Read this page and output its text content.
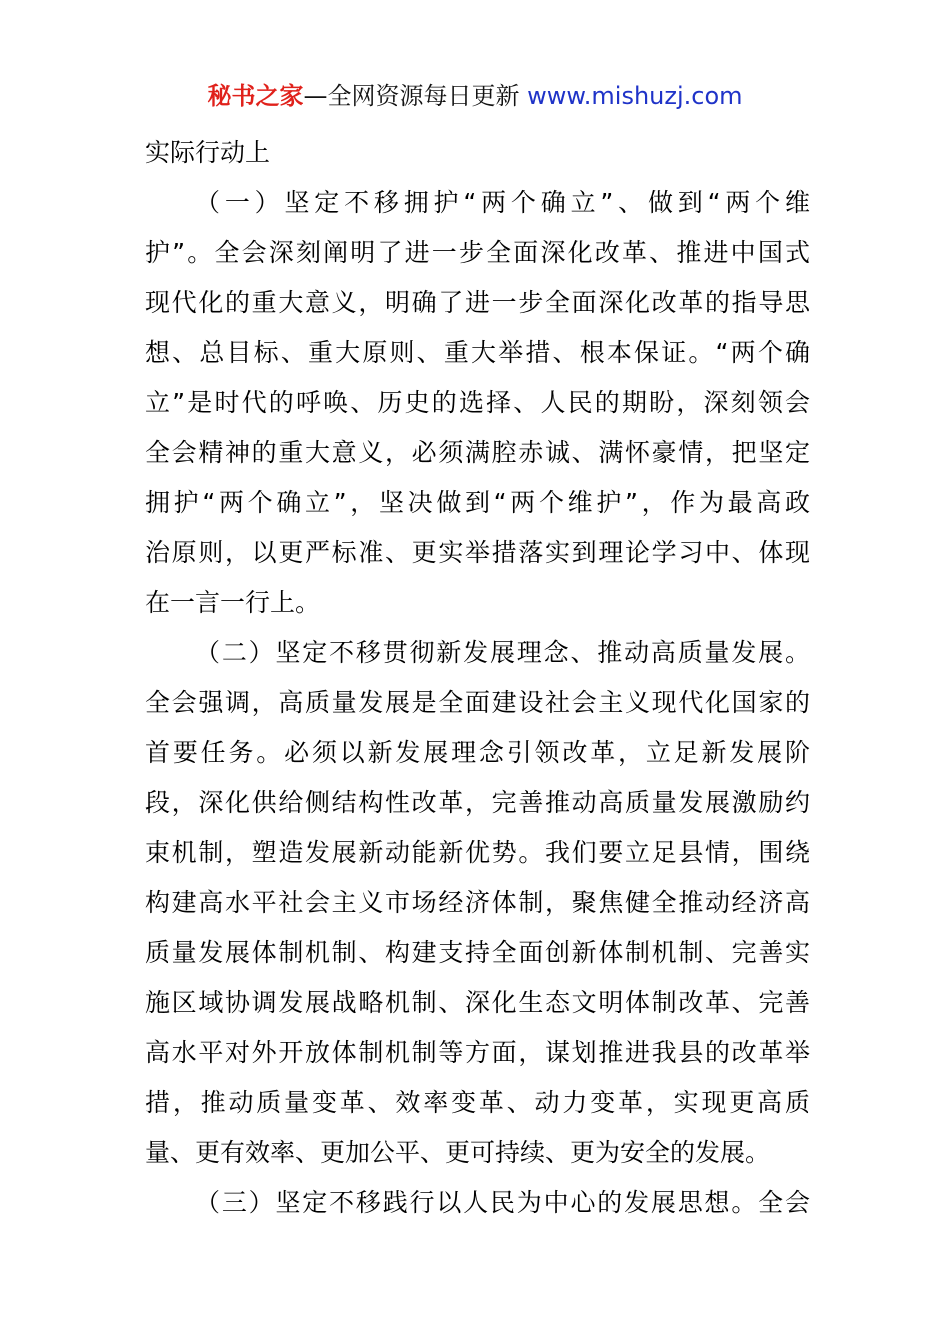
秘书之家—全网资源每日更新 www.mishuzj.com
实际行动上
（一）坚定不移拥护“两个确立”、做到“两个维
护”。全会深刻阐明了进一步全面深化改革、推进中国式
现代化的重大意义，明确了进一步全面深化改革的指导思
想、总目标、重大原则、重大举措、根本保证。“两个确
立”是时代的呼唤、历史的选择、人民的期盼，深刻领会
全会精神的重大意义，必须满腔赤诚、满怀豪情，把坚定
拥护“两个确立”，坚决做到“两个维护”，作为最高政
治原则，以更严标准、更实举措落实到理论学习中、体现
在一言一行上。
（二）坚定不移贯彻新发展理念、推动高质量发展。
全会强调，高质量发展是全面建设社会主义现代化国家的
首要任务。必须以新发展理念引领改革，立足新发展阶
段，深化供给侧结构性改革，完善推动高质量发展激励约
束机制，塑造发展新动能新优势。我们要立足县情，围绕
构建高水平社会主义市场经济体制，聚焦健全推动经济高
质量发展体制机制、构建支持全面创新体制机制、完善实
施区域协调发展战略机制、深化生态文明体制改革、完善
高水平对外开放体制机制等方面，谋划推进我县的改革举
措，推动质量变革、效率变革、动力变革，实现更高质
量、更有效率、更加公平、更可持续、更为安全的发展。
（三）坚定不移践行以人民为中心的发展思想。全会
